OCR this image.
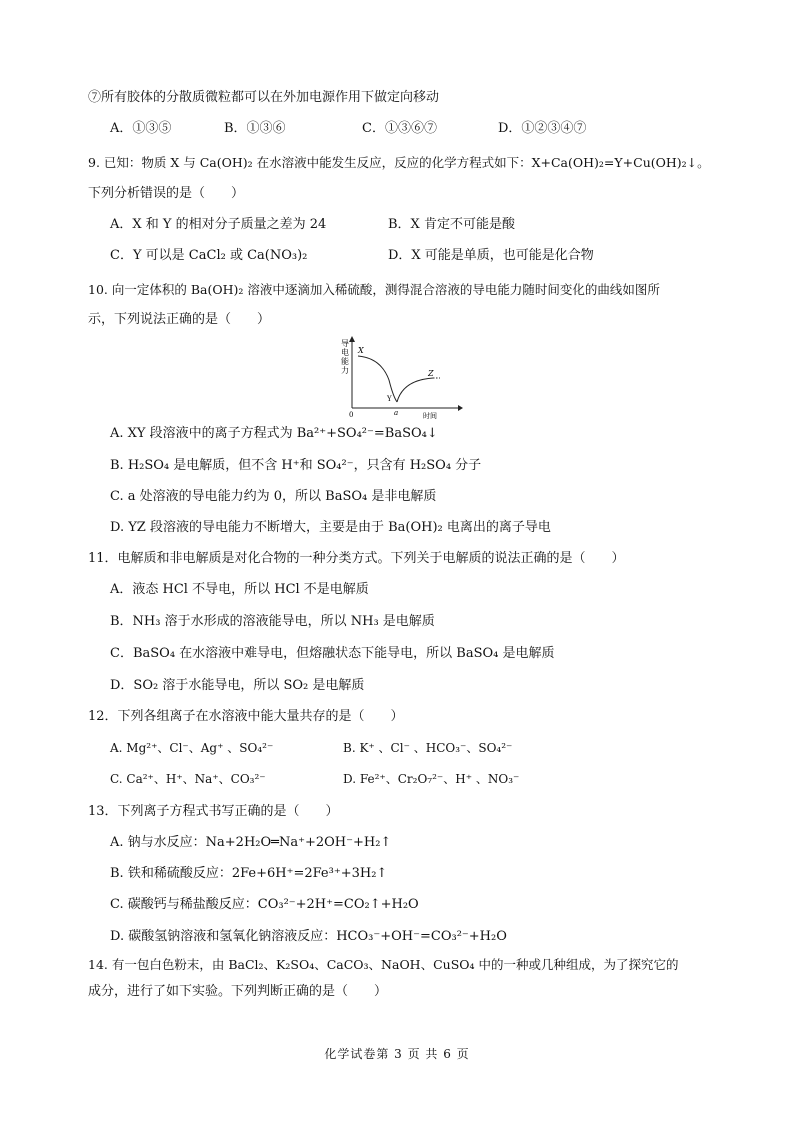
⑦所有胶体的分散质微粒都可以在外加电源作用下做定向移动
A．①③⑤	B．①③⑥	C．①③⑥⑦	D．①②③④⑦
9. 已知：物质 X 与 Ca(OH)₂ 在水溶液中能发生反应，反应的化学方程式如下：X+Ca(OH)₂=Y+Cu(OH)₂↓。
下列分析错误的是（　　）
A．X 和 Y 的相对分子质量之差为 24	B．X 肯定不可能是酸
C．Y 可以是 CaCl₂ 或 Ca(NO₃)₂	D．X 可能是单质，也可能是化合物
10. 向一定体积的 Ba(OH)₂ 溶液中逐滴加入稀硫酸，测得混合溶液的导电能力随时间变化的曲线如图所
示，下列说法正确的是（　　）
导
电
能
力
X
Y
a
Z
0	时间
A. XY 段溶液中的离子方程式为 Ba²⁺+SO₄²⁻=BaSO₄↓
B. H₂SO₄ 是电解质，但不含 H⁺和 SO₄²⁻，只含有 H₂SO₄ 分子
C. a 处溶液的导电能力约为 0，所以 BaSO₄ 是非电解质
D. YZ 段溶液的导电能力不断增大，主要是由于 Ba(OH)₂ 电离出的离子导电
11．电解质和非电解质是对化合物的一种分类方式。下列关于电解质的说法正确的是（　　）
A．液态 HCl 不导电，所以 HCl 不是电解质
B．NH₃ 溶于水形成的溶液能导电，所以 NH₃ 是电解质
C．BaSO₄ 在水溶液中难导电，但熔融状态下能导电，所以 BaSO₄ 是电解质
D．SO₂ 溶于水能导电，所以 SO₂ 是电解质
12．下列各组离子在水溶液中能大量共存的是（　　）
A. Mg²⁺、Cl⁻、Ag⁺ 、SO₄²⁻	B. K⁺ 、Cl⁻ 、HCO₃⁻、SO₄²⁻
C. Ca²⁺、H⁺、Na⁺、CO₃²⁻	D. Fe²⁺、Cr₂O₇²⁻、H⁺ 、NO₃⁻
13．下列离子方程式书写正确的是（　　）
A. 钠与水反应：Na+2H₂O═Na⁺+2OH⁻+H₂↑
B. 铁和稀硫酸反应：2Fe+6H⁺=2Fe³⁺+3H₂↑
C. 碳酸钙与稀盐酸反应：CO₃²⁻+2H⁺=CO₂↑+H₂O
D. 碳酸氢钠溶液和氢氧化钠溶液反应：HCO₃⁻+OH⁻=CO₃²⁻+H₂O
14. 有一包白色粉末，由 BaCl₂、K₂SO₄、CaCO₃、NaOH、CuSO₄ 中的一种或几种组成，为了探究它的
成分，进行了如下实验。下列判断正确的是（　　）
化学试卷第 3 页 共 6 页
